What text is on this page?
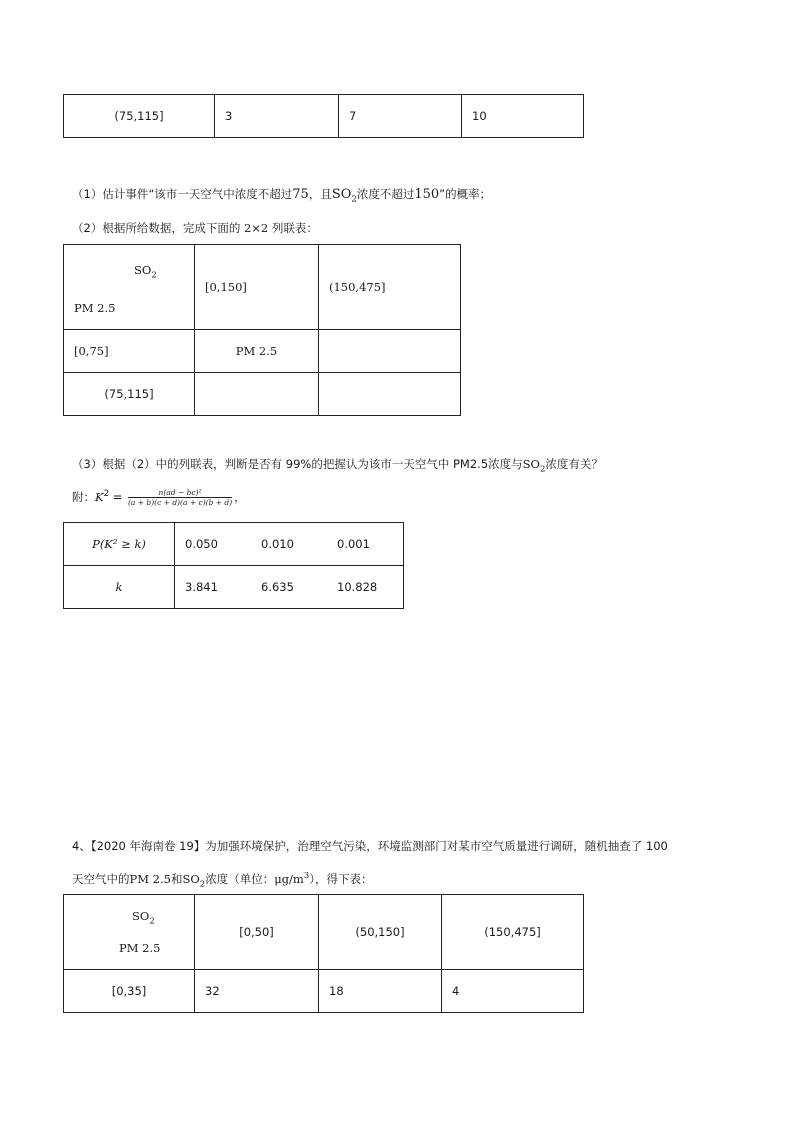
(75,115]	3	7	10
（1）估计事件“该市一天空气中浓度不超过75，且$SO_2$浓度不超过150”的概率；
（2）根据所给数据，完成下面的 2×2 列联表：
$SO_2$
PM 2.5	[0,150]	(150,475]
[0,75]	PM 2.5	
(75,115]		
（3）根据（2）中的列联表，判断是否有 99%的把握认为该市一天空气中 PM2.5浓度与$SO_2$浓度有关？
附：$K^2 = \frac{\text{n(ad − bc)²}}{(a + b)(c + d)(a + c)(b + d)}$ ，
P(K² ≥ k)	0.050	0.010	0.001
k	3.841	6.635	10.828
4、【2020 年海南卷 19】为加强环境保护，治理空气污染，环境监测部门对某市空气质量进行调研，随机抽查了 100
天空气中的PM 2.5和$SO_2$浓度（单位：$\mu g/m^3$），得下表：
$SO_2$
PM 2.5	[0,50]	(50,150]	(150,475]
[0,35]	32	18	4
